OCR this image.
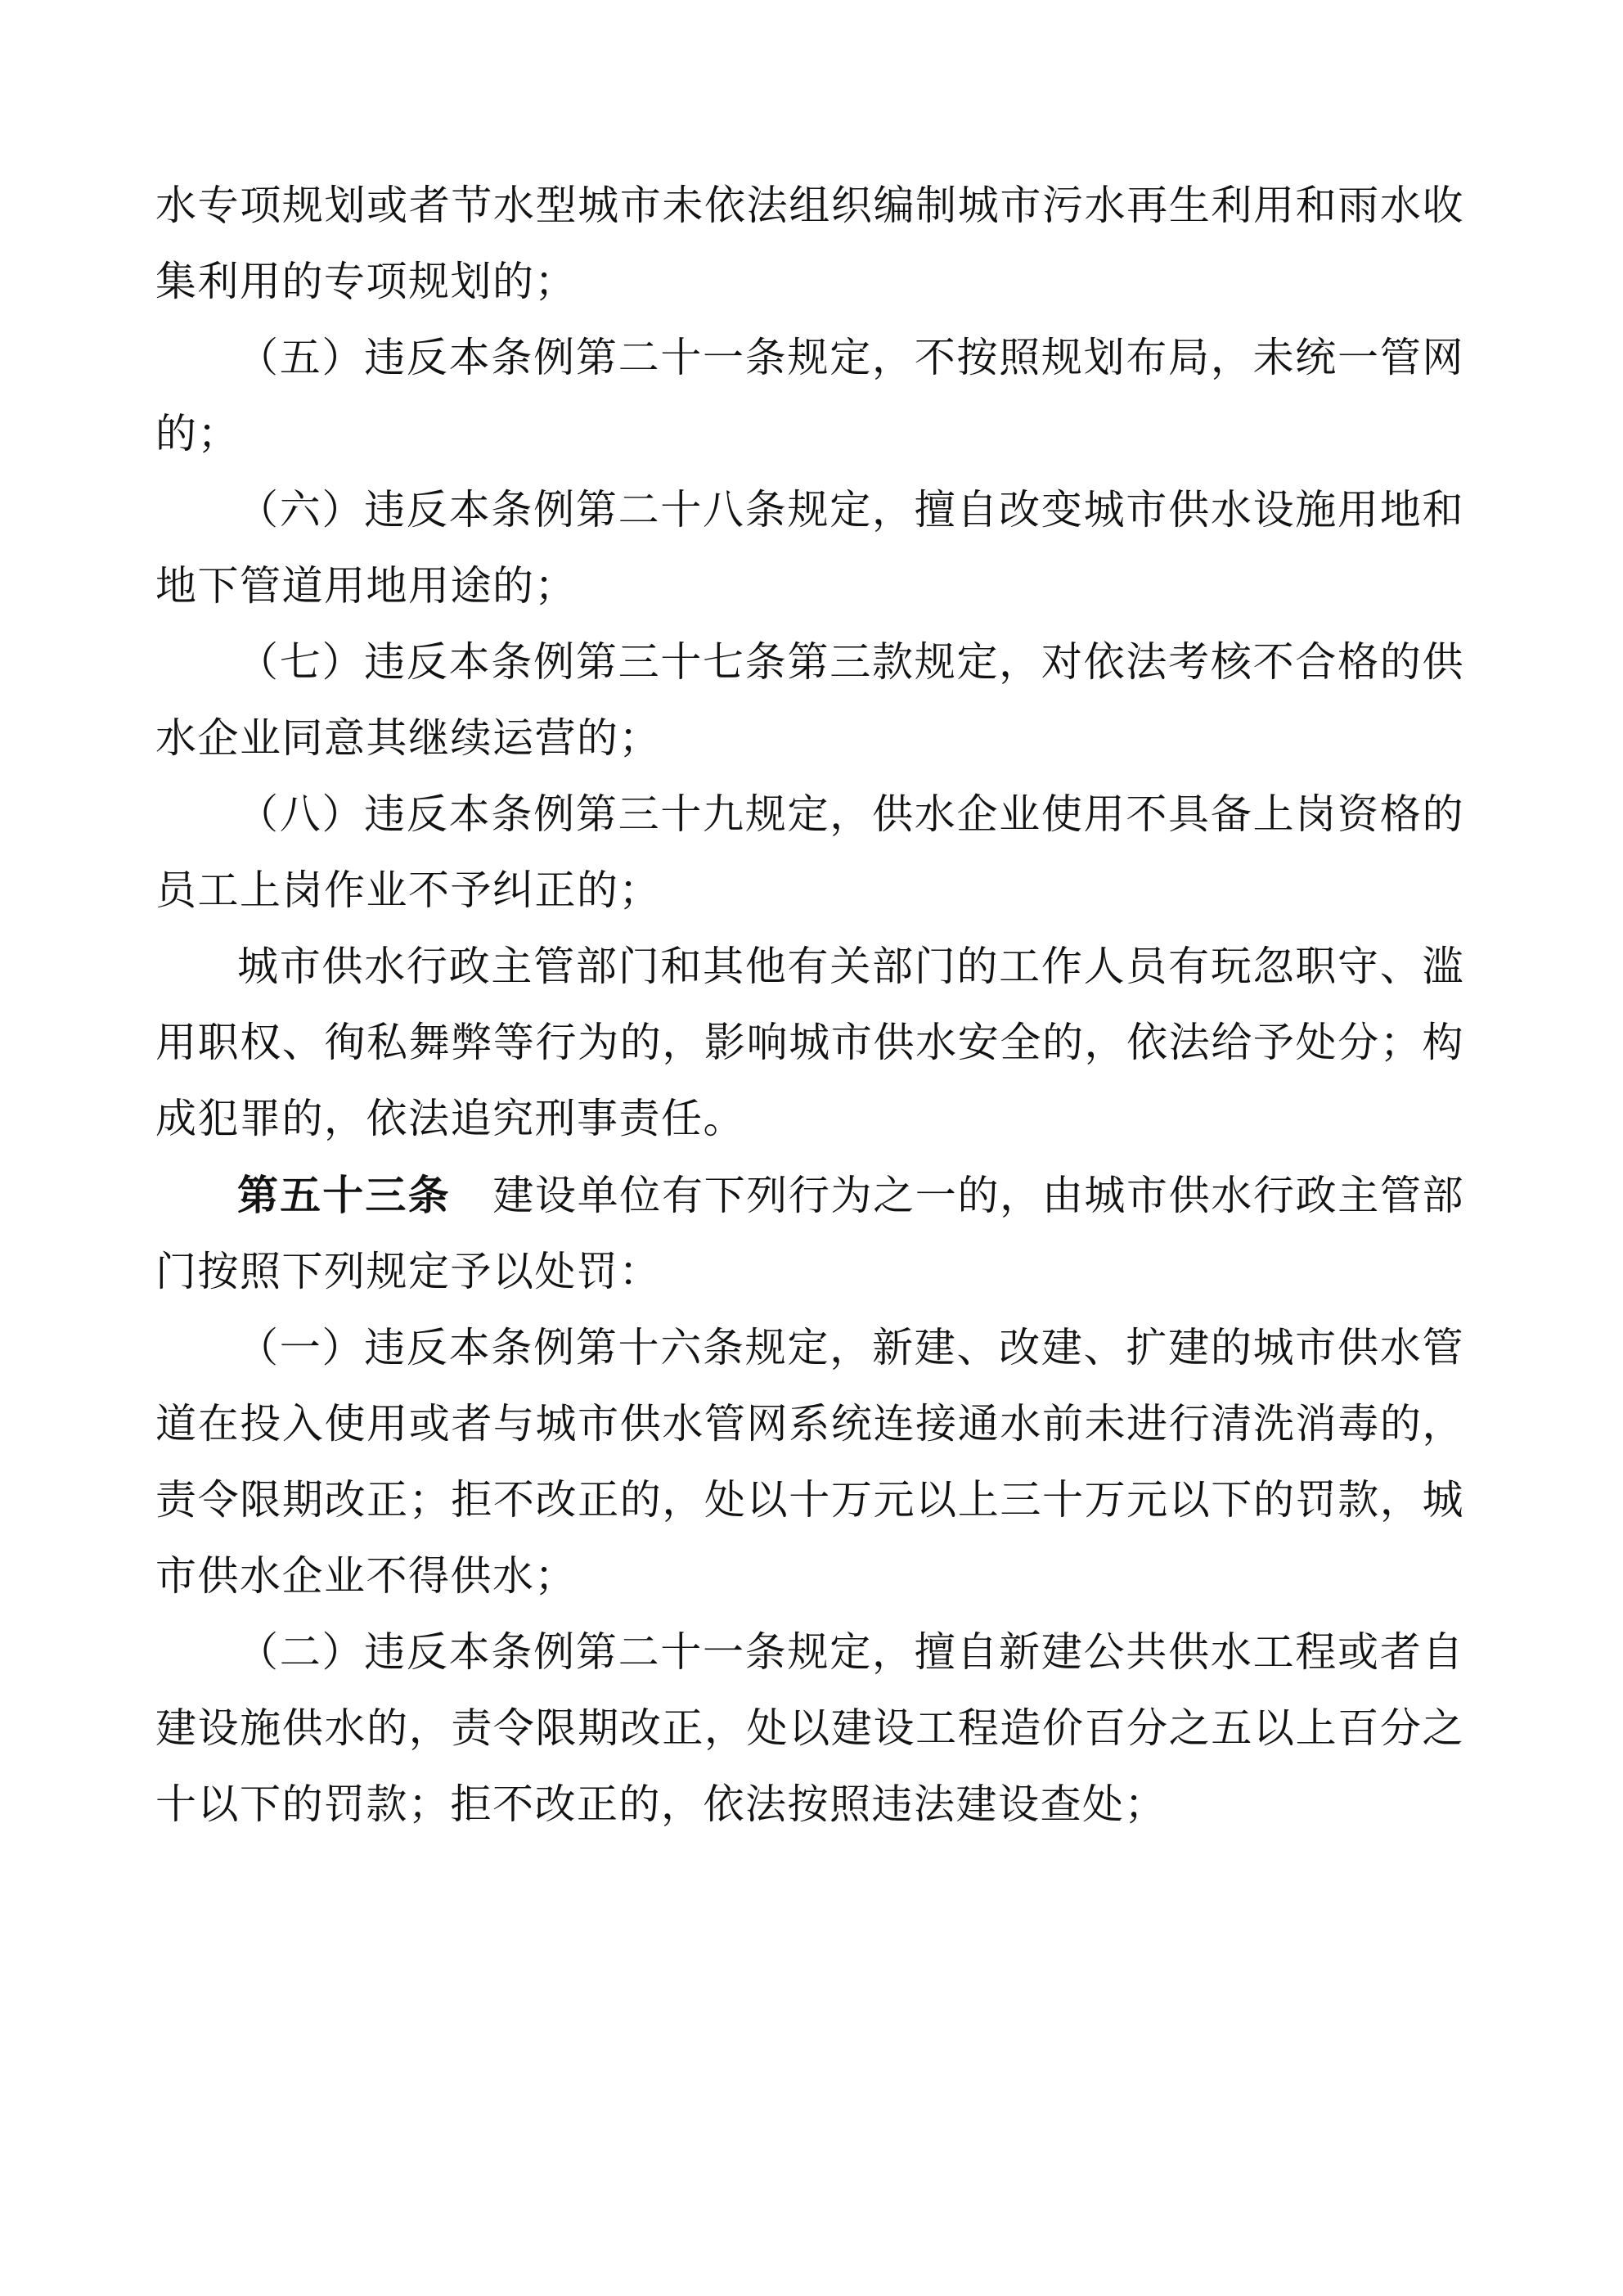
水专项规划或者节水型城市未依法组织编制城市污水再生利用和雨水收集利用的专项规划的；

（五）违反本条例第二十一条规定，不按照规划布局，未统一管网的；

（六）违反本条例第二十八条规定，擅自改变城市供水设施用地和地下管道用地用途的；

（七）违反本条例第三十七条第三款规定，对依法考核不合格的供水企业同意其继续运营的；

（八）违反本条例第三十九规定，供水企业使用不具备上岗资格的员工上岗作业不予纠正的；

城市供水行政主管部门和其他有关部门的工作人员有玩忽职守、滥用职权、徇私舞弊等行为的，影响城市供水安全的，依法给予处分；构成犯罪的，依法追究刑事责任。

第五十三条　 建设单位有下列行为之一的，由城市供水行政主管部门按照下列规定予以处罚：

（一）违反本条例第十六条规定，新建、改建、扩建的城市供水管道在投入使用或者与城市供水管网系统连接通水前未进行清洗消毒的，责令限期改正；拒不改正的，处以十万元以上三十万元以下的罚款，城市供水企业不得供水；

（二）违反本条例第二十一条规定，擅自新建公共供水工程或者自建设施供水的，责令限期改正，处以建设工程造价百分之五以上百分之十以下的罚款；拒不改正的，依法按照违法建设查处；
